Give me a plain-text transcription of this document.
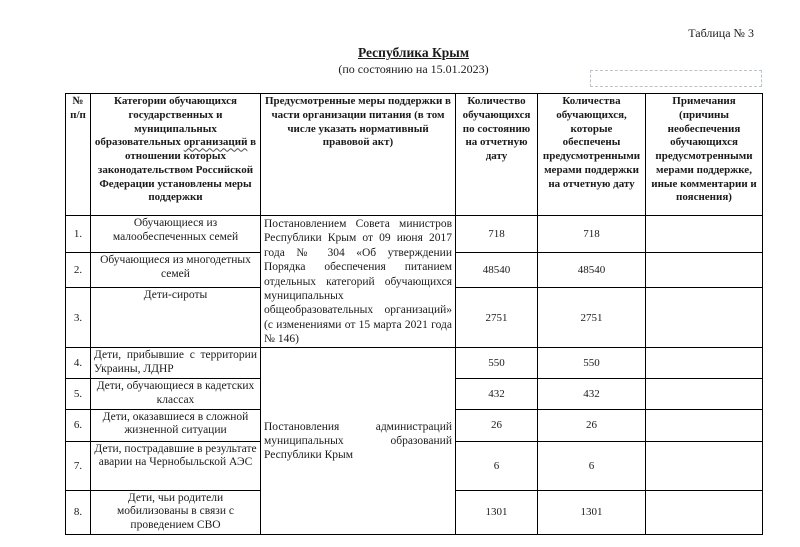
Таблица № 3
Республика Крым
(по состоянию на 15.01.2023)
№ п/п	Категории обучающихся государственных и муниципальных образовательных организаций в отношении которых законодательством Российской Федерации установлены меры поддержки	Предусмотренные меры поддержки в части организации питания (в том числе указать нормативный правовой акт)	Количество обучающихся по состоянию на отчетную дату	Количества обучающихся, которые обеспечены предусмотренными мерами поддержки на отчетную дату	Примечания (причины необеспечения обучающихся предусмотренными мерами поддержке, иные комментарии и пояснения)
1.	Обучающиеся из малообеспеченных семей	Постановлением Совета министров Республики Крым от 09 июня 2017 года № 304 «Об утверждении Порядка обеспечения питанием отдельных категорий обучающихся муниципальных общеобразовательных организаций» (с изменениями от 15 марта 2021 года № 146)	718	718	
2.	Обучающиеся из многодетных семей		48540	48540	
3.	Дети-сироты		2751	2751	
4.	Дети, прибывшие с территории Украины, ЛДНР	Постановления администраций муниципальных образований Республики Крым	550	550	
5.	Дети, обучающиеся в кадетских классах		432	432	
6.	Дети, оказавшиеся в сложной жизненной ситуации		26	26	
7.	Дети, пострадавшие в результате аварии на Чернобыльской АЭС		6	6	
8.	Дети, чьи родители мобилизованы в связи с проведением СВО		1301	1301	
